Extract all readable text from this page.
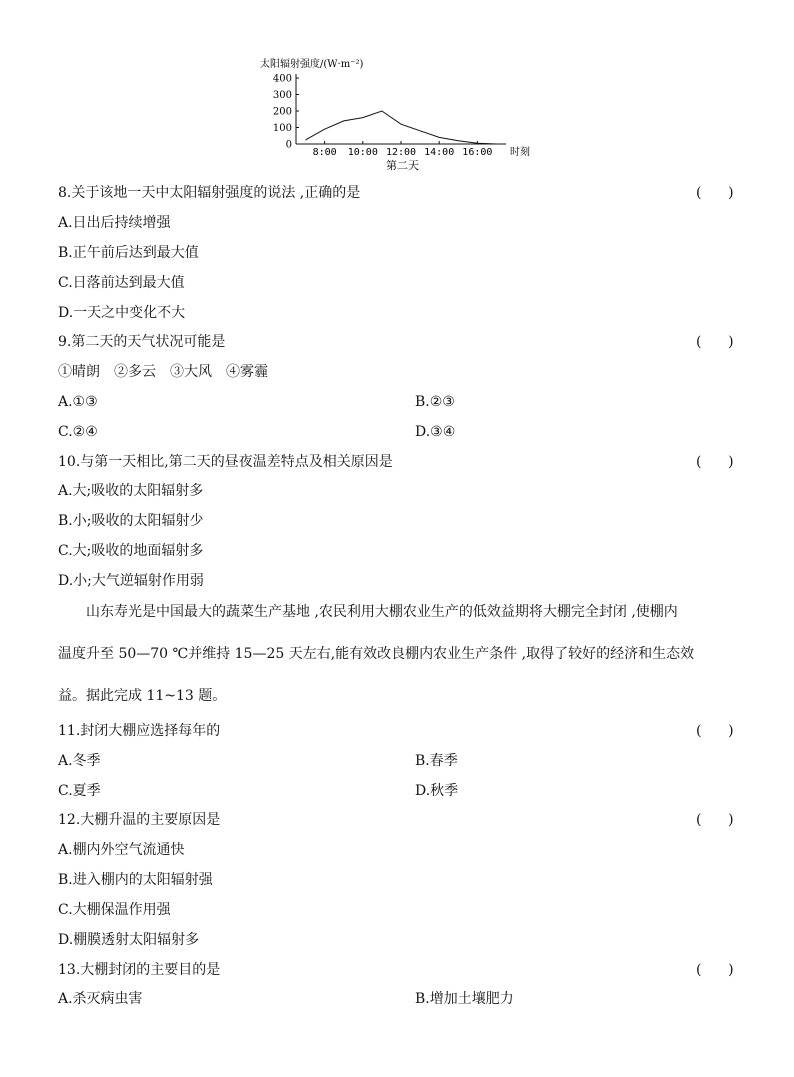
太阳辐射强度/(W·m⁻²)
400
300
200
100
0
8:00 10:00 12:00 14:00 16:00 时刻
第二天
8.关于该地一天中太阳辐射强度的说法 ,正确的是	(      )
A.日出后持续增强
B.正午前后达到最大值
C.日落前达到最大值
D.一天之中变化不大
9.第二天的天气状况可能是	(      )
①晴朗　②多云　③大风　④雾霾
A.①③	B.②③
C.②④	D.③④
10.与第一天相比,第二天的昼夜温差特点及相关原因是	(      )
A.大;吸收的太阳辐射多
B.小;吸收的太阳辐射少
C.大;吸收的地面辐射多
D.小;大气逆辐射作用弱
山东寿光是中国最大的蔬菜生产基地 ,农民利用大棚农业生产的低效益期将大棚完全封闭 ,使棚内
温度升至 50—70 ℃并维持 15—25 天左右,能有效改良棚内农业生产条件 ,取得了较好的经济和生态效
益。据此完成 11~13 题。
11.封闭大棚应选择每年的	(      )
A.冬季	B.春季
C.夏季	D.秋季
12.大棚升温的主要原因是	(      )
A.棚内外空气流通快
B.进入棚内的太阳辐射强
C.大棚保温作用强
D.棚膜透射太阳辐射多
13.大棚封闭的主要目的是	(      )
A.杀灭病虫害	B.增加土壤肥力
